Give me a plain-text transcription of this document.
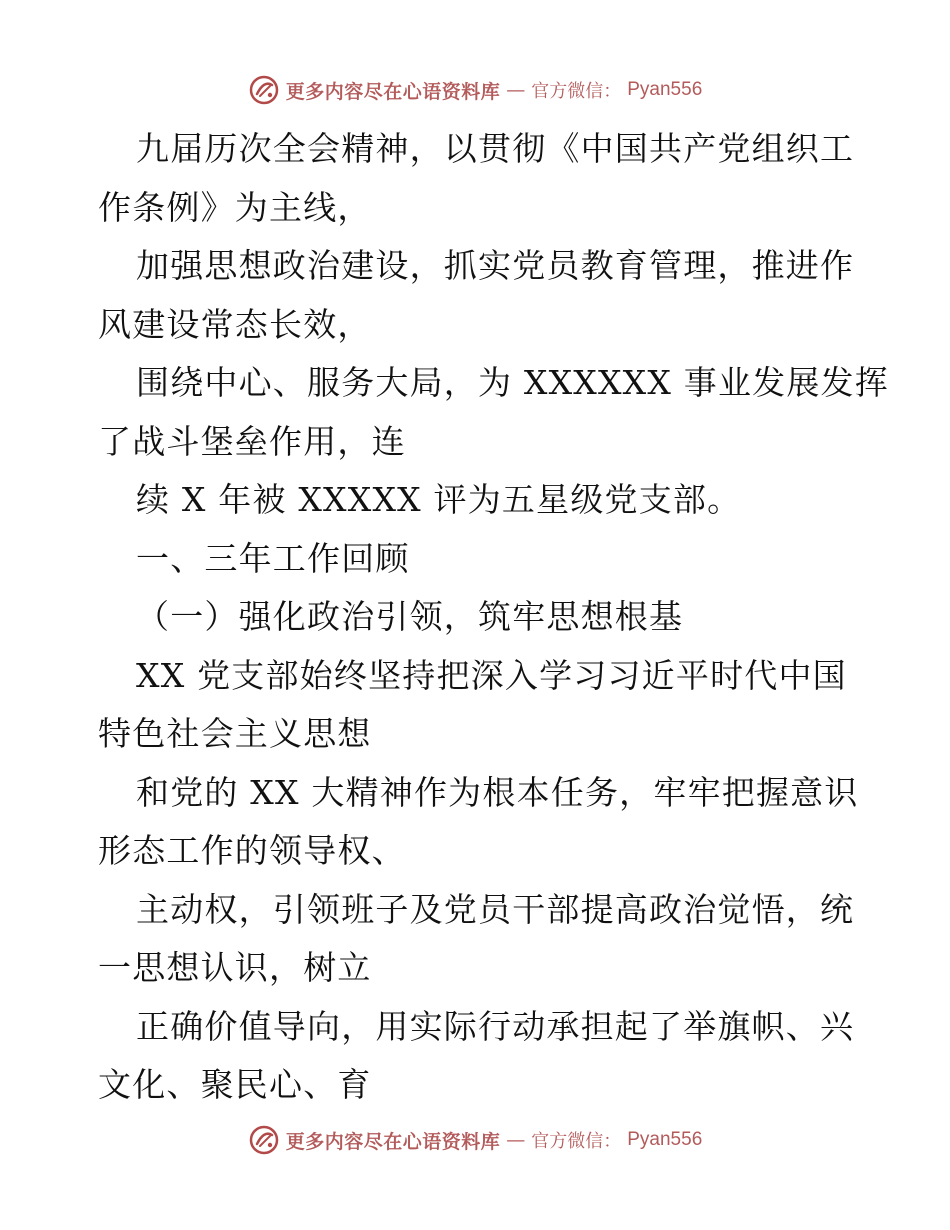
更多内容尽在心语资料库 — 官方微信： Pyan556
九届历次全会精神，以贯彻《中国共产党组织工
作条例》为主线，
加强思想政治建设，抓实党员教育管理，推进作
风建设常态长效，
围绕中心、服务大局，为 XXXXXX 事业发展发挥
了战斗堡垒作用，连
续 X 年被 XXXXX 评为五星级党支部。
一、三年工作回顾
（一）强化政治引领，筑牢思想根基
XX 党支部始终坚持把深入学习习近平时代中国
特色社会主义思想
和党的 XX 大精神作为根本任务，牢牢把握意识
形态工作的领导权、
主动权，引领班子及党员干部提高政治觉悟，统
一思想认识，树立
正确价值导向，用实际行动承担起了举旗帜、兴
文化、聚民心、育
更多内容尽在心语资料库 — 官方微信： Pyan556
